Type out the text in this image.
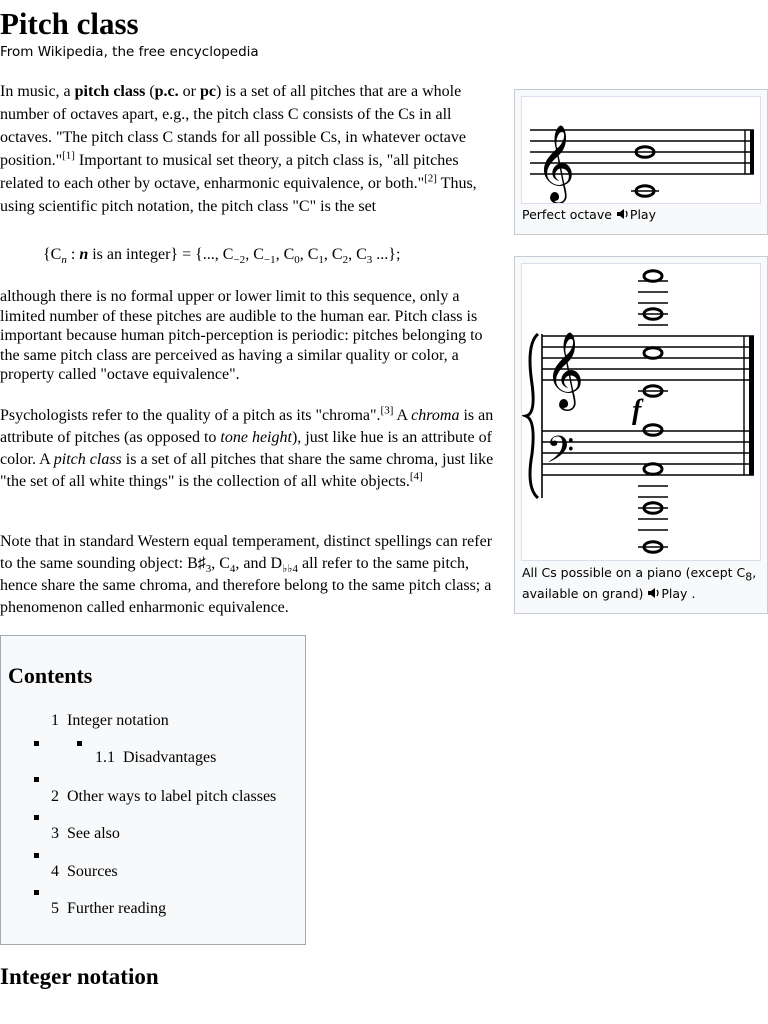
Pitch class
From Wikipedia, the free encyclopedia

In music, a pitch class (p.c. or pc) is a set of all pitches that are a whole number of octaves apart, e.g., the pitch class C consists of the Cs in all octaves. "The pitch class C stands for all possible Cs, in whatever octave position."[1] Important to musical set theory, a pitch class is, "all pitches related to each other by octave, enharmonic equivalence, or both."[2] Thus, using scientific pitch notation, the pitch class "C" is the set

{$C_n$ : n is an integer} = {..., $C_{-2}$, $C_{-1}$, $C_0$, $C_1$, $C_2$, $C_3$ ...};

although there is no formal upper or lower limit to this sequence, only a limited number of these pitches are audible to the human ear. Pitch class is important because human pitch-perception is periodic: pitches belonging to the same pitch class are perceived as having a similar quality or color, a property called "octave equivalence".

Psychologists refer to the quality of a pitch as its "chroma".[3] A chroma is an attribute of pitches (as opposed to tone height), just like hue is an attribute of color. A pitch class is a set of all pitches that share the same chroma, just like "the set of all white things" is the collection of all white objects.[4]

Note that in standard Western equal temperament, distinct spellings can refer to the same sounding object: $B♯_3$, $C_4$, and $D_{♭♭4}$ all refer to the same pitch, hence share the same chroma, and therefore belong to the same pitch class; a phenomenon called enharmonic equivalence.

𝄞
Perfect octave Play
𝄞
𝄢
f
All Cs possible on a piano (except $C_8$,
available on grand) Play .
Contents
1 Integer notation
1.1 Disadvantages
2 Other ways to label pitch classes
3 See also
4 Sources
5 Further reading
Integer notation
